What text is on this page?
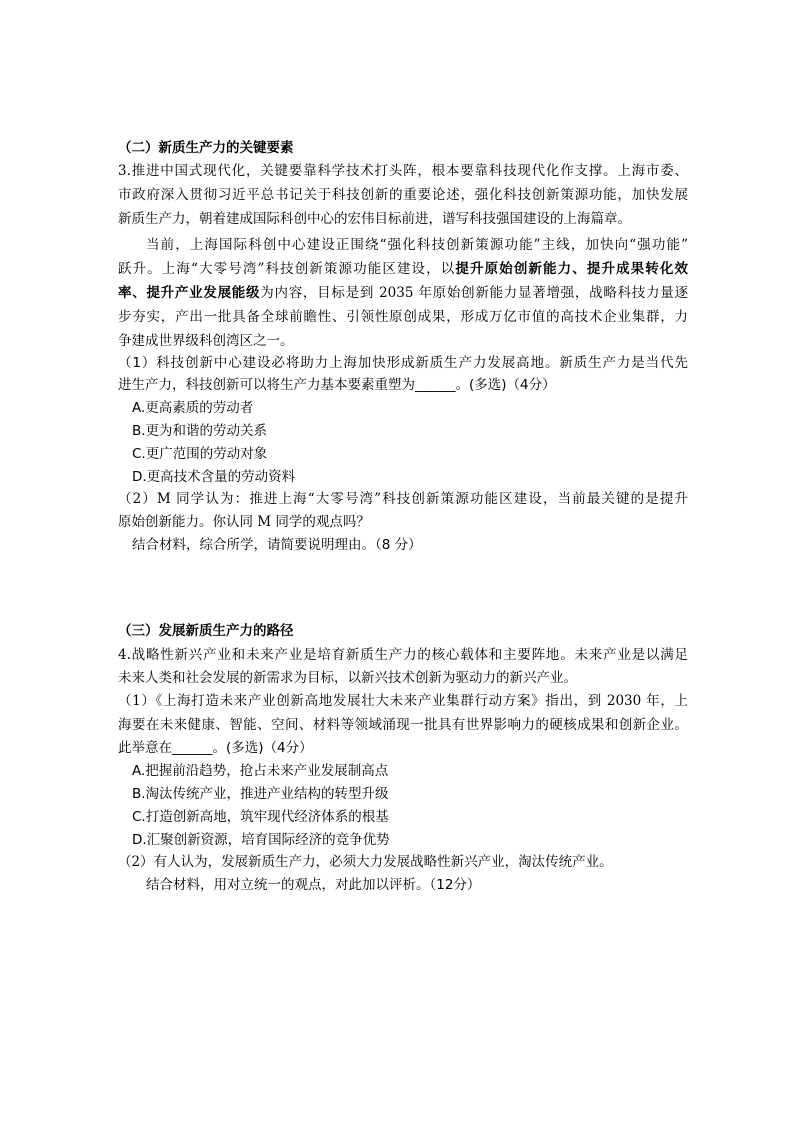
（二）新质生产力的关键要素
3.推进中国式现代化，关键要靠科学技术打头阵，根本要靠科技现代化作支撑。上海市委、
市政府深入贯彻习近平总书记关于科技创新的重要论述，强化科技创新策源功能，加快发展
新质生产力，朝着建成国际科创中心的宏伟目标前进，谱写科技强国建设的上海篇章。
当前，上海国际科创中心建设正围绕“强化科技创新策源功能”主线，加快向“强功能”
跃升。上海“大零号湾”科技创新策源功能区建设，以提升原始创新能力、提升成果转化效
率、提升产业发展能级为内容，目标是到 2035 年原始创新能力显著增强，战略科技力量逐
步夯实，产出一批具备全球前瞻性、引领性原创成果，形成万亿市值的高技术企业集群，力
争建成世界级科创湾区之一。
（1）科技创新中心建设必将助力上海加快形成新质生产力发展高地。新质生产力是当代先
进生产力，科技创新可以将生产力基本要素重塑为______。(多选)（4分）
A.更高素质的劳动者
B.更为和谐的劳动关系
C.更广范围的劳动对象
D.更高技术含量的劳动资料
（2）M 同学认为：推进上海“大零号湾”科技创新策源功能区建设，当前最关键的是提升
原始创新能力。你认同 M 同学的观点吗？
结合材料，综合所学，请简要说明理由。（8 分）
（三）发展新质生产力的路径
4.战略性新兴产业和未来产业是培育新质生产力的核心载体和主要阵地。未来产业是以满足
未来人类和社会发展的新需求为目标，以新兴技术创新为驱动力的新兴产业。
（1）《上海打造未来产业创新高地发展壮大未来产业集群行动方案》指出，到 2030 年，上
海要在未来健康、智能、空间、材料等领域涌现一批具有世界影响力的硬核成果和创新企业。
此举意在______。(多选)（4分）
A.把握前沿趋势，抢占未来产业发展制高点
B.淘汰传统产业，推进产业结构的转型升级
C.打造创新高地，筑牢现代经济体系的根基
D.汇聚创新资源，培育国际经济的竞争优势
（2）有人认为，发展新质生产力，必须大力发展战略性新兴产业，淘汰传统产业。
结合材料，用对立统一的观点，对此加以评析。（12分）
